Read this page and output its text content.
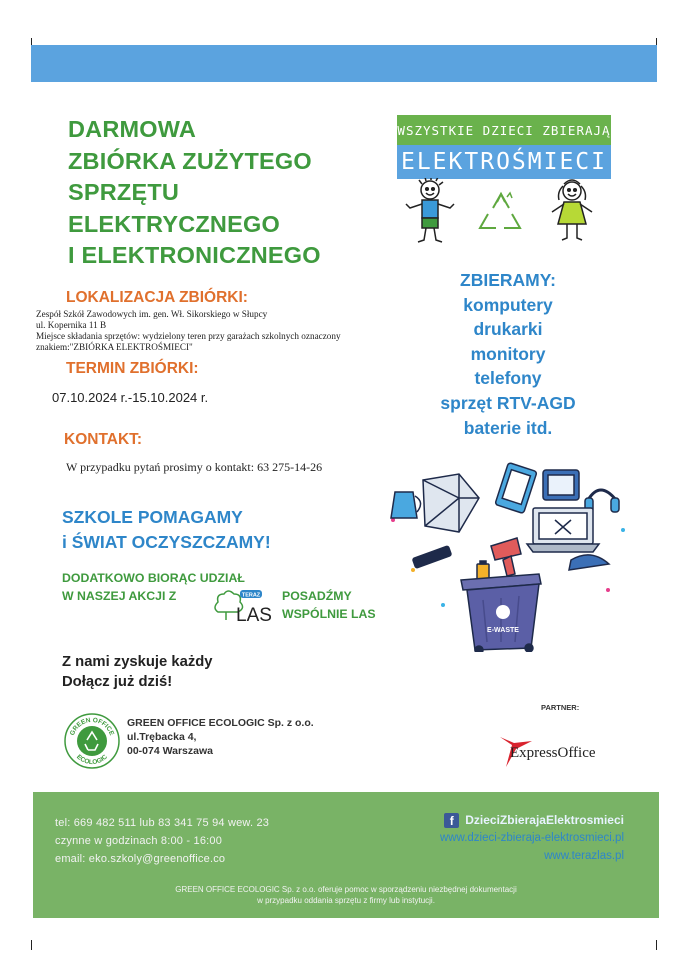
DARMOWA
ZBIÓRKA ZUŻYTEGO
SPRZĘTU
ELEKTRYCZNEGO
I ELEKTRONICZNEGO
WSZYSTKIE DZIECI ZBIERAJĄ
ELEKTROŚMIECI
LOKALIZACJA ZBIÓRKI:
Zespół Szkół Zawodowych im. gen. Wł. Sikorskiego w Słupcy
ul. Kopernika 11 B
Miejsce składania sprzętów: wydzielony teren przy garażach szkolnych oznaczony
znakiem:"ZBIÓRKA ELEKTROŚMIECI"
TERMIN ZBIÓRKI:
07.10.2024 r.-15.10.2024 r.
ZBIERAMY:
komputery
drukarki
monitory
telefony
sprzęt RTV-AGD
baterie itd.
KONTAKT:
W przypadku pytań prosimy o kontakt: 63 275-14-26
E-WASTE
SZKOLE POMAGAMY
i ŚWIAT OCZYSZCZAMY!
DODATKOWO BIORĄC UDZIAŁ
W NASZEJ AKCJI Z	POSADŹMY
WSPÓLNIE LAS
TERAZ
LAS
Z nami zyskuje każdy
Dołącz już dziś!
GREEN OFFICE
ECOLOGIC
GREEN OFFICE ECOLOGIC Sp. z o.o.
ul.Trębacka 4,
00-074 Warszawa
PARTNER:
ExpressOffice
tel: 669 482 511 lub 83 341 75 94 wew. 23
czynne w godzinach 8:00 - 16:00
email: eko.szkoly@greenoffice.co
f DzieciZbierajaElektrosmieci
www.dzieci-zbieraja-elektrosmieci.pl
www.terazlas.pl
GREEN OFFICE ECOLOGIC Sp. z o.o. oferuje pomoc w sporządzeniu niezbędnej dokumentacji
w przypadku oddania sprzętu z firmy lub instytucji.
